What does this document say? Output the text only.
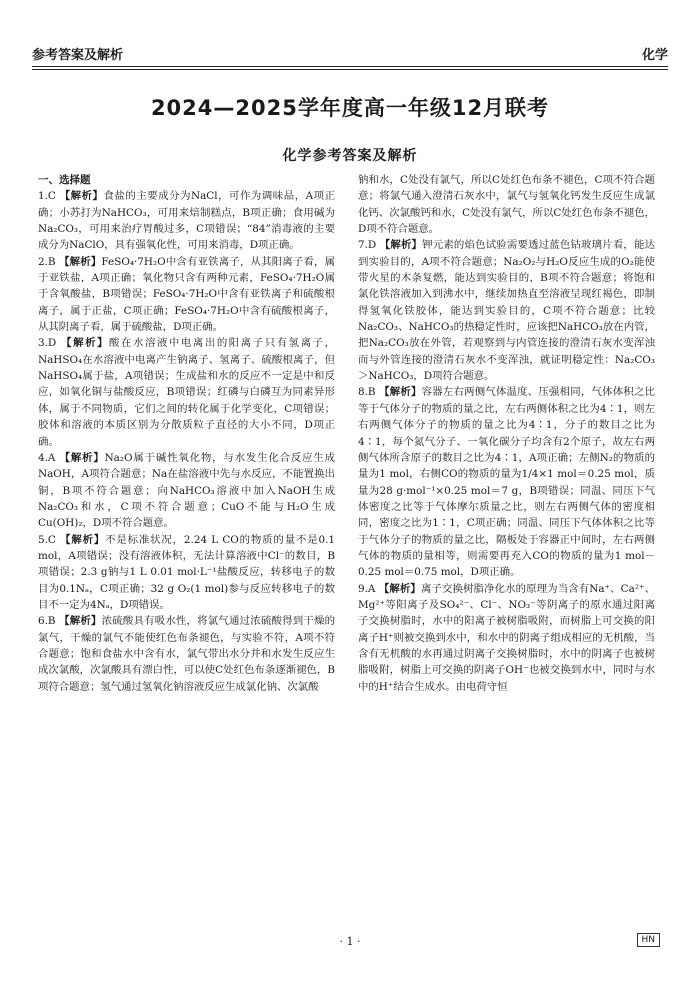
参考答案及解析	化学
2024—2025学年度高一年级12月联考
化学参考答案及解析
一、选择题

1.C 【解析】食盐的主要成分为NaCl，可作为调味品，A项正确；小苏打为NaHCO₃，可用来焙制糕点，B项正确；食用碱为Na₂CO₃，可用来治疗胃酸过多，C项错误；“84”消毒液的主要成分为NaClO，具有强氧化性，可用来消毒，D项正确。

2.B 【解析】FeSO₄·7H₂O中含有亚铁离子，从其阳离子看，属于亚铁盐，A项正确；氧化物只含有两种元素，FeSO₄·7H₂O属于含氧酸盐，B项错误；FeSO₄·7H₂O中含有亚铁离子和硫酸根离子，属于正盐，C项正确；FeSO₄·7H₂O中含有硫酸根离子，从其阴离子看，属于硫酸盐，D项正确。

3.D 【解析】酸在水溶液中电离出的阳离子只有氢离子，NaHSO₄在水溶液中电离产生钠离子、氢离子、硫酸根离子，但NaHSO₄属于盐，A项错误；生成盐和水的反应不一定是中和反应，如氧化铜与盐酸反应，B项错误；红磷与白磷互为同素异形体，属于不同物质，它们之间的转化属于化学变化，C项错误；胶体和溶液的本质区别为分散质粒子直径的大小不同，D项正确。

4.A 【解析】Na₂O属于碱性氧化物，与水发生化合反应生成NaOH，A项符合题意；Na在盐溶液中先与水反应，不能置换出铜，B项不符合题意；向NaHCO₃溶液中加入NaOH生成Na₂CO₃和水，C项不符合题意；CuO不能与H₂O生成Cu(OH)₂，D项不符合题意。

5.C 【解析】不是标准状况，2.24 L CO的物质的量不是0.1 mol，A项错误；没有溶液体积，无法计算溶液中Cl⁻的数目，B项错误；2.3 g钠与1 L 0.01 mol·L⁻¹盐酸反应，转移电子的数目为0.1Nₐ，C项正确；32 g O₂(1 mol)参与反应转移电子的数目不一定为4Nₐ，D项错误。

6.B 【解析】浓硫酸具有吸水性，将氯气通过浓硫酸得到干燥的氯气，干燥的氯气不能使红色布条褪色，与实验不符，A项不符合题意；饱和食盐水中含有水，氯气带出水分并和水发生反应生成次氯酸，次氯酸具有漂白性，可以使C处红色布条逐渐褪色，B项符合题意；氢气通过氢氧化钠溶液反应生成氯化钠、次氯酸

钠和水，C处没有氯气，所以C处红色布条不褪色，C项不符合题意；将氯气通入澄清石灰水中，氯气与氢氧化钙发生反应生成氯化钙、次氯酸钙和水，C处没有氯气，所以C处红色布条不褪色，D项不符合题意。

7.D 【解析】钾元素的焰色试验需要透过蓝色钴玻璃片看，能达到实验目的，A项不符合题意；Na₂O₂与H₂O反应生成的O₂能使带火星的木条复燃，能达到实验目的，B项不符合题意；将饱和氯化铁溶液加入到沸水中，继续加热直至溶液呈现红褐色，即制得氢氧化铁胶体，能达到实验目的，C项不符合题意；比较Na₂CO₃、NaHCO₃的热稳定性时，应该把NaHCO₃放在内管，把Na₂CO₃放在外管，若观察到与内管连接的澄清石灰水变浑浊而与外管连接的澄清石灰水不变浑浊，就证明稳定性：Na₂CO₃＞NaHCO₃，D项符合题意。

8.B 【解析】容器左右两侧气体温度、压强相同，气体体积之比等于气体分子的物质的量之比，左右两侧体积之比为4∶1，则左右两侧气体分子的物质的量之比为4∶1，分子的数目之比为4∶1，每个氮气分子、一氧化碳分子均含有2个原子，故左右两侧气体所含原子的数目之比为4∶1，A项正确；左侧N₂的物质的量为1 mol，右侧CO的物质的量为1/4×1 mol＝0.25 mol，质量为28 g·mol⁻¹×0.25 mol＝7 g，B项错误；同温、同压下气体密度之比等于气体摩尔质量之比，则左右两侧气体的密度相同，密度之比为1∶1，C项正确；同温、同压下气体体积之比等于气体分子的物质的量之比，隔板处于容器正中间时，左右两侧气体的物质的量相等，则需要再充入CO的物质的量为1 mol－0.25 mol＝0.75 mol，D项正确。

9.A 【解析】离子交换树脂净化水的原理为当含有Na⁺、Ca²⁺、Mg²⁺等阳离子及SO₄²⁻、Cl⁻、NO₃⁻等阴离子的原水通过阳离子交换树脂时，水中的阳离子被树脂吸附，而树脂上可交换的阳离子H⁺则被交换到水中，和水中的阴离子组成相应的无机酸，当含有无机酸的水再通过阴离子交换树脂时，水中的阴离子也被树脂吸附，树脂上可交换的阴离子OH⁻也被交换到水中，同时与水中的H⁺结合生成水。由电荷守恒

· 1 ·	HN
